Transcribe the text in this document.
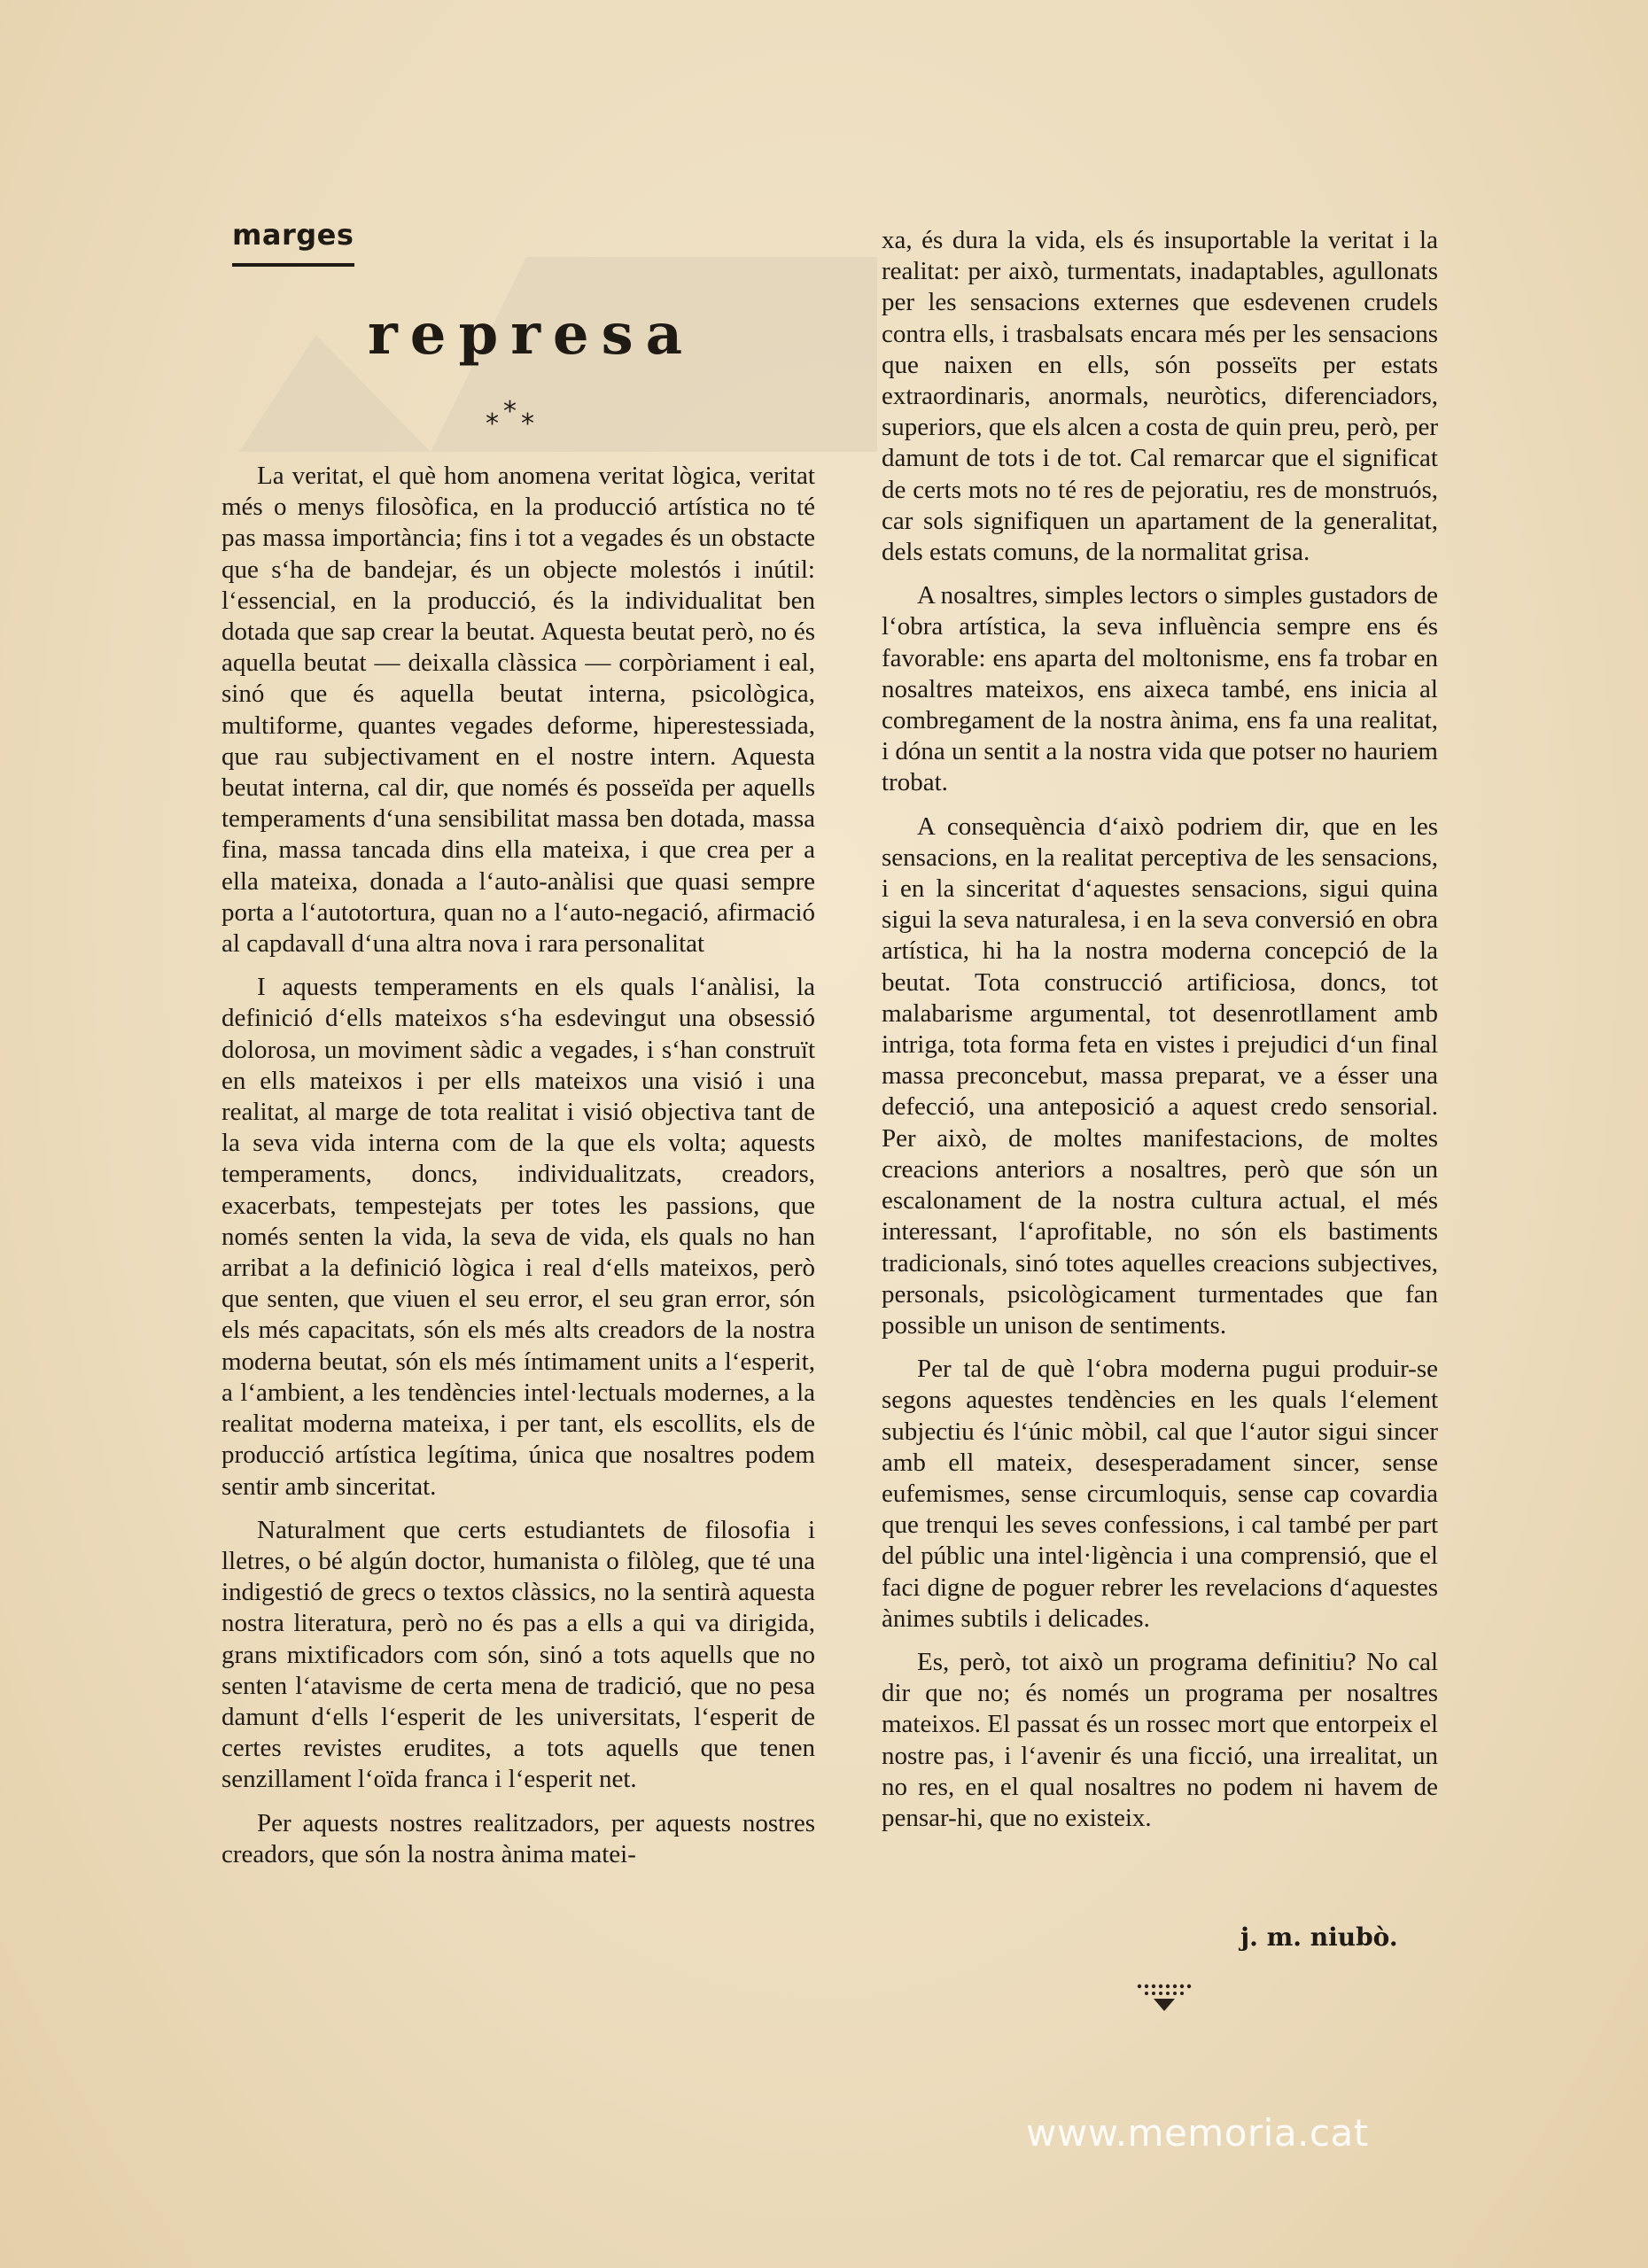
marges
represa
* * *

La veritat, el què hom anomena veritat lògica, veritat més o menys filosòfica, en la producció artística no té pas massa importància; fins i tot a vegades és un obstacte que s‘ha de bandejar, és un objecte molestós i inútil: l‘essencial, en la producció, és la individualitat ben dotada que sap crear la beutat. Aquesta beutat però, no és aquella beutat — deixalla clàssica — corpòriament i eal, sinó que és aquella beutat interna, psicològica, multiforme, quantes vegades deforme, hiperestessiada, que rau subjectivament en el nostre intern. Aquesta beutat interna, cal dir, que només és posseïda per aquells temperaments d‘una sensibilitat massa ben dotada, massa fina, massa tancada dins ella mateixa, i que crea per a ella mateixa, donada a l‘auto-anàlisi que quasi sempre porta a l‘autotortura, quan no a l‘auto-negació, afirmació al capdavall d‘una altra nova i rara personalitat

I aquests temperaments en els quals l‘anàlisi, la definició d‘ells mateixos s‘ha esdevingut una obsessió dolorosa, un moviment sàdic a vegades, i s‘han construït en ells mateixos i per ells mateixos una visió i una realitat, al marge de tota realitat i visió objectiva tant de la seva vida interna com de la que els volta; aquests temperaments, doncs, individualitzats, creadors, exacerbats, tempestejats per totes les passions, que només senten la vida, la seva de vida, els quals no han arribat a la definició lògica i real d‘ells mateixos, però que senten, que viuen el seu error, el seu gran error, són els més capacitats, són els més alts creadors de la nostra moderna beutat, són els més íntimament units a l‘esperit, a l‘ambient, a les tendències intel·lectuals modernes, a la realitat moderna mateixa, i per tant, els escollits, els de producció artística legítima, única que nosaltres podem sentir amb sinceritat.

Naturalment que certs estudiantets de filosofia i lletres, o bé algún doctor, humanista o filòleg, que té una indigestió de grecs o textos clàssics, no la sentirà aquesta nostra literatura, però no és pas a ells a qui va dirigida, grans mixtificadors com són, sinó a tots aquells que no senten l‘atavisme de certa mena de tradició, que no pesa damunt d‘ells l‘esperit de les universitats, l‘esperit de certes revistes erudites, a tots aquells que tenen senzillament l‘oïda franca i l‘esperit net.

Per aquests nostres realitzadors, per aquests nostres creadors, que són la nostra ànima matei-

xa, és dura la vida, els és insuportable la veritat i la realitat: per això, turmentats, inadaptables, agullonats per les sensacions externes que esdevenen crudels contra ells, i trasbalsats encara més per les sensacions que naixen en ells, són posseïts per estats extraordinaris, anormals, neuròtics, diferenciadors, superiors, que els alcen a costa de quin preu, però, per damunt de tots i de tot. Cal remarcar que el significat de certs mots no té res de pejoratiu, res de monstruós, car sols signifiquen un apartament de la generalitat, dels estats comuns, de la normalitat grisa.

A nosaltres, simples lectors o simples gustadors de l‘obra artística, la seva influència sempre ens és favorable: ens aparta del moltonisme, ens fa trobar en nosaltres mateixos, ens aixeca també, ens inicia al combregament de la nostra ànima, ens fa una realitat, i dóna un sentit a la nostra vida que potser no hauriem trobat.

A consequència d‘això podriem dir, que en les sensacions, en la realitat perceptiva de les sensacions, i en la sinceritat d‘aquestes sensacions, sigui quina sigui la seva naturalesa, i en la seva conversió en obra artística, hi ha la nostra moderna concepció de la beutat. Tota construcció artificiosa, doncs, tot malabarisme argumental, tot desenrotllament amb intriga, tota forma feta en vistes i prejudici d‘un final massa preconcebut, massa preparat, ve a ésser una defecció, una anteposició a aquest credo sensorial. Per això, de moltes manifestacions, de moltes creacions anteriors a nosaltres, però que són un escalonament de la nostra cultura actual, el més interessant, l‘aprofitable, no són els bastiments tradicionals, sinó totes aquelles creacions subjectives, personals, psicològicament turmentades que fan possible un unison de sentiments.

Per tal de què l‘obra moderna pugui produir-se segons aquestes tendències en les quals l‘element subjectiu és l‘únic mòbil, cal que l‘autor sigui sincer amb ell mateix, desesperadament sincer, sense eufemismes, sense circumloquis, sense cap covardia que trenqui les seves confessions, i cal també per part del públic una intel·ligència i una comprensió, que el faci digne de poguer rebrer les revelacions d‘aquestes ànimes subtils i delicades.

Es, però, tot això un programa definitiu? No cal dir que no; és només un programa per nosaltres mateixos. El passat és un rossec mort que entorpeix el nostre pas, i l‘avenir és una ficció, una irrealitat, un no res, en el qual nosaltres no podem ni havem de pensar-hi, que no existeix.

j. m. niubò.
www.memoria.cat
